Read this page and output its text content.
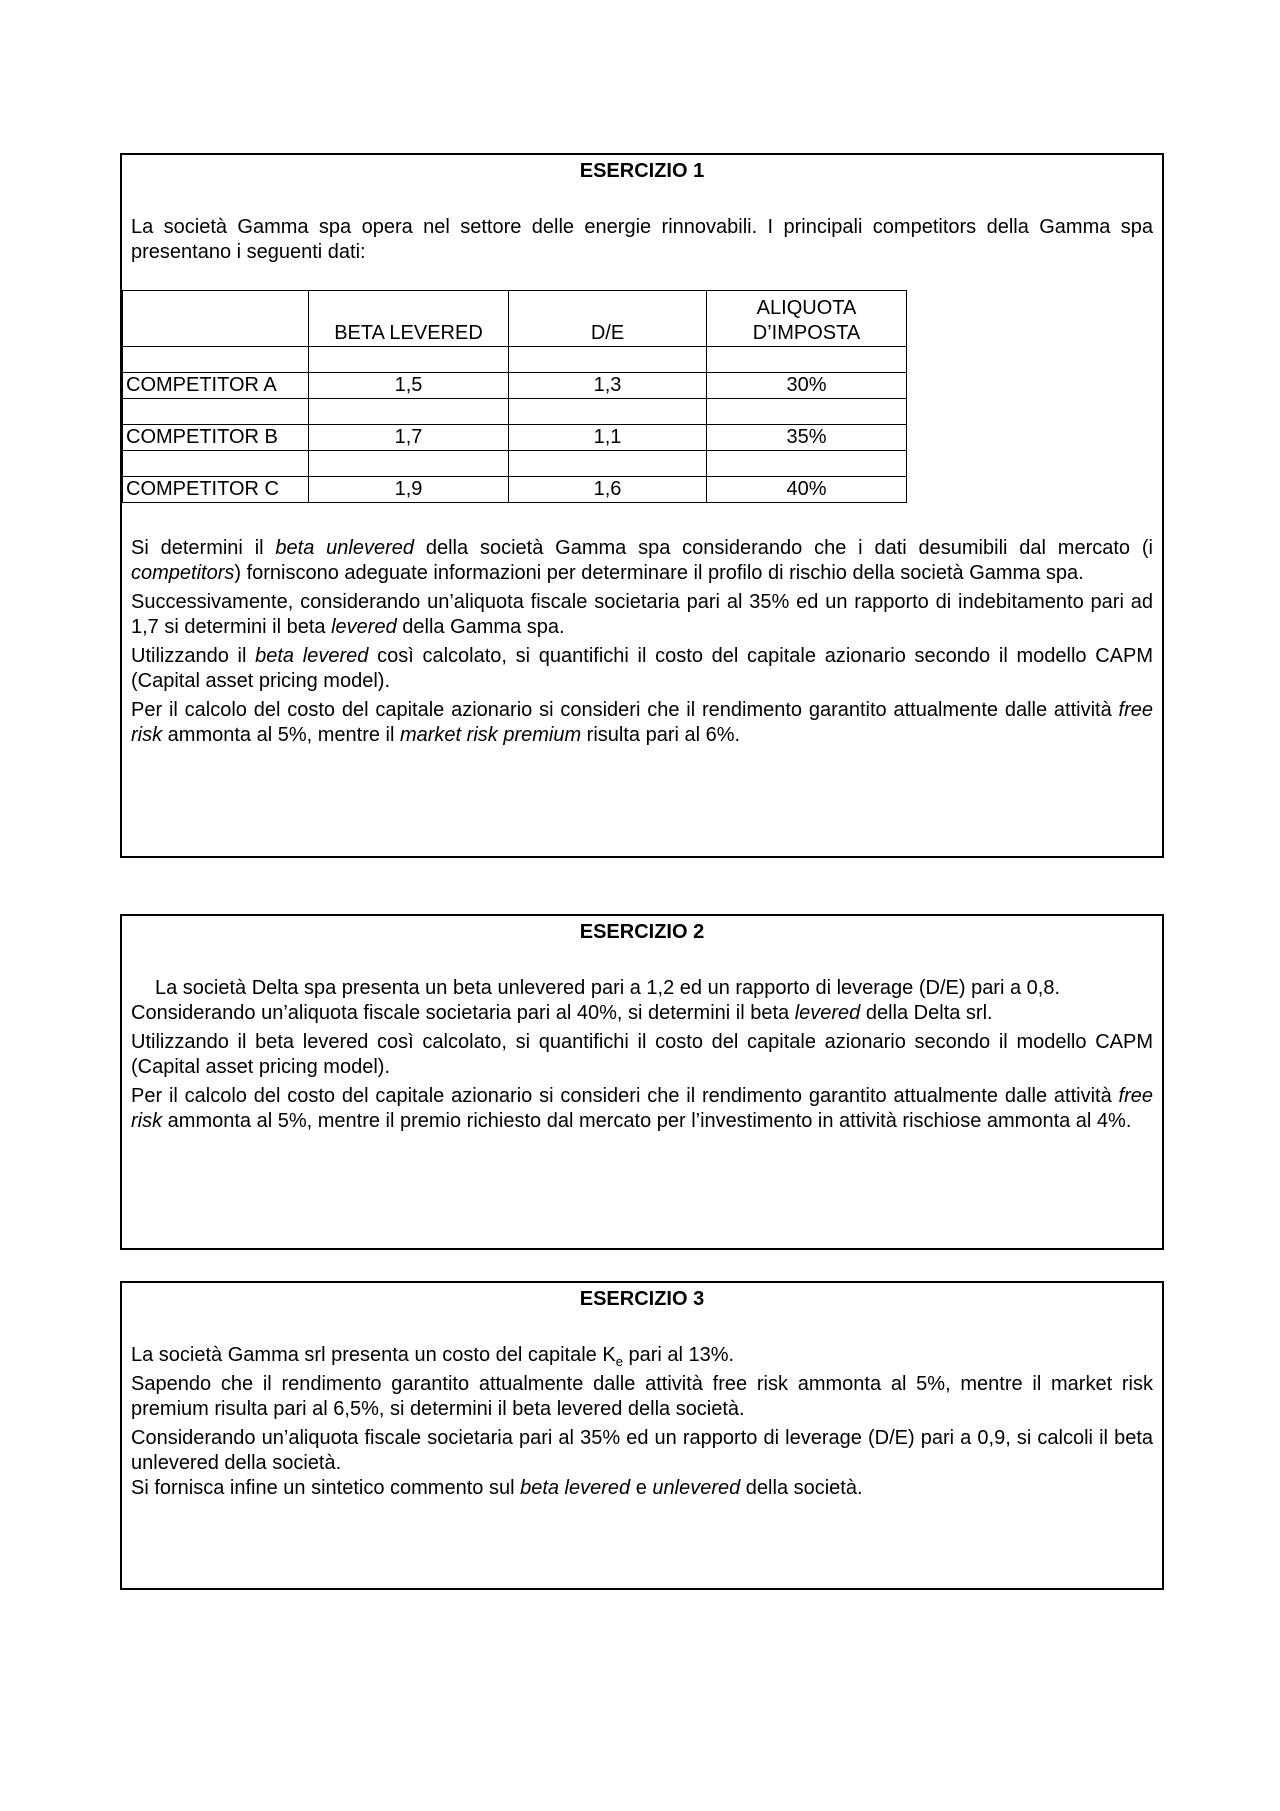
ESERCIZIO 1

La società Gamma spa opera nel settore delle energie rinnovabili. I principali competitors della Gamma spa presentano i seguenti dati:

	BETA LEVERED	D/E	ALIQUOTA
D’IMPOSTA

COMPETITOR A	1,5	1,3	30%

COMPETITOR B	1,7	1,1	35%

COMPETITOR C	1,9	1,6	40%

Si determini il beta unlevered della società Gamma spa considerando che i dati desumibili dal mercato (i competitors) forniscono adeguate informazioni per determinare il profilo di rischio della società Gamma spa.

Successivamente, considerando un’aliquota fiscale societaria pari al 35% ed un rapporto di indebitamento pari ad 1,7 si determini il beta levered della Gamma spa.

Utilizzando il beta levered così calcolato, si quantifichi il costo del capitale azionario secondo il modello CAPM (Capital asset pricing model).

Per il calcolo del costo del capitale azionario si consideri che il rendimento garantito attualmente dalle attività free risk ammonta al 5%, mentre il market risk premium risulta pari al 6%.

ESERCIZIO 2

La società Delta spa presenta un beta unlevered pari a 1,2 ed un rapporto di leverage (D/E) pari a 0,8.

Considerando un’aliquota fiscale societaria pari al 40%, si determini il beta levered della Delta srl.

Utilizzando il beta levered così calcolato, si quantifichi il costo del capitale azionario secondo il modello CAPM (Capital asset pricing model).

Per il calcolo del costo del capitale azionario si consideri che il rendimento garantito attualmente dalle attività free risk ammonta al 5%, mentre il premio richiesto dal mercato per l’investimento in attività rischiose ammonta al 4%.

ESERCIZIO 3

La società Gamma srl presenta un costo del capitale $K_e$ pari al 13%.

Sapendo che il rendimento garantito attualmente dalle attività free risk ammonta al 5%, mentre il market risk premium risulta pari al 6,5%, si determini il beta levered della società.

Considerando un’aliquota fiscale societaria pari al 35% ed un rapporto di leverage (D/E) pari a 0,9, si calcoli il beta unlevered della società.

Si fornisca infine un sintetico commento sul beta levered e unlevered della società.
